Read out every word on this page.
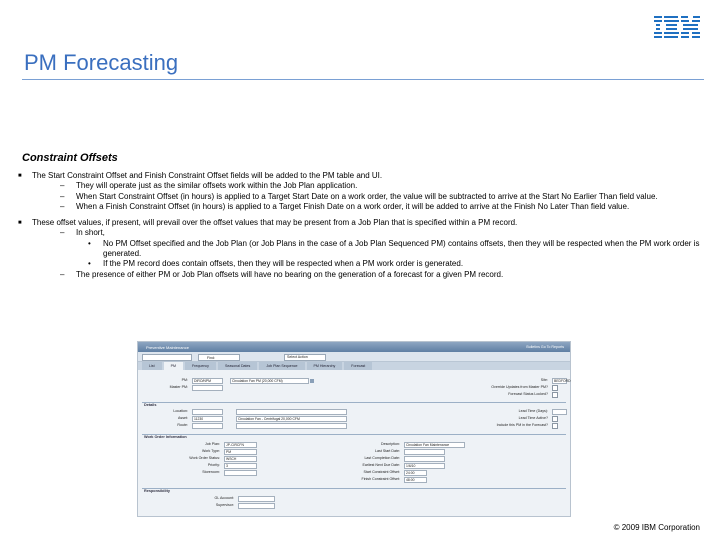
PM Forecasting
Constraint Offsets
■ The Start Constraint Offset and Finish Constraint Offset fields will be added to the PM table and UI.
– They will operate just as the similar offsets work within the Job Plan application.
– When Start Constraint Offset (in hours) is applied to a Target Start Date on a work order, the value will be subtracted to arrive at the Start No Earlier Than field value.
– When a Finish Constraint Offset (in hours) is applied to a Target Finish Date on a work order, it will be added to arrive at the Finish No Later Than field value.
■ These offset values, if present, will prevail over the offset values that may be present from a Job Plan that is specified within a PM record.
– In short,
• No PM Offset specified and the Job Plan (or Job Plans in the case of a Job Plan Sequenced PM) contains offsets, then they will be respected when the PM work order is generated.
• If the PM record does contain offsets, then they will be respected when a PM work order is generated.
– The presence of either PM or Job Plan offsets will have no bearing on the generation of a forecast for a given PM record.
Preventive Maintenance	Bulletins Go To Reports
Find:	Select Action
List	PM	Frequency	Seasonal Dates	Job Plan Sequence	PM Hierarchy	Forecast
PM:	DIRO/NPM	Circulation Fan PM (20,000 CFM)
Master PM:
Site:	BEDFORD
Override Updates from Master PM?
Forecast Status Locked?
Details
Location:
Asset:	11230	Circulation Fan - Centrifugal 20,000 CFM
Route:
Lead Time (Days):
Lead Time Active?
Include this PM in the Forecast?
Work Order Information
Job Plan:	JP-CIRCFN
Work Type:	PM
Work Order Status:	WSCH
Priority:	3
Storeroom:
Description:	Circulation Fan Maintenance
Last Start Date:
Last Completion Date:
Earliest Next Due Date:	1/6/10
Start Constraint Offset:	24:00
Finish Constraint Offset:	48:00
Responsibility
GL Account:
Supervisor:
© 2009 IBM Corporation
